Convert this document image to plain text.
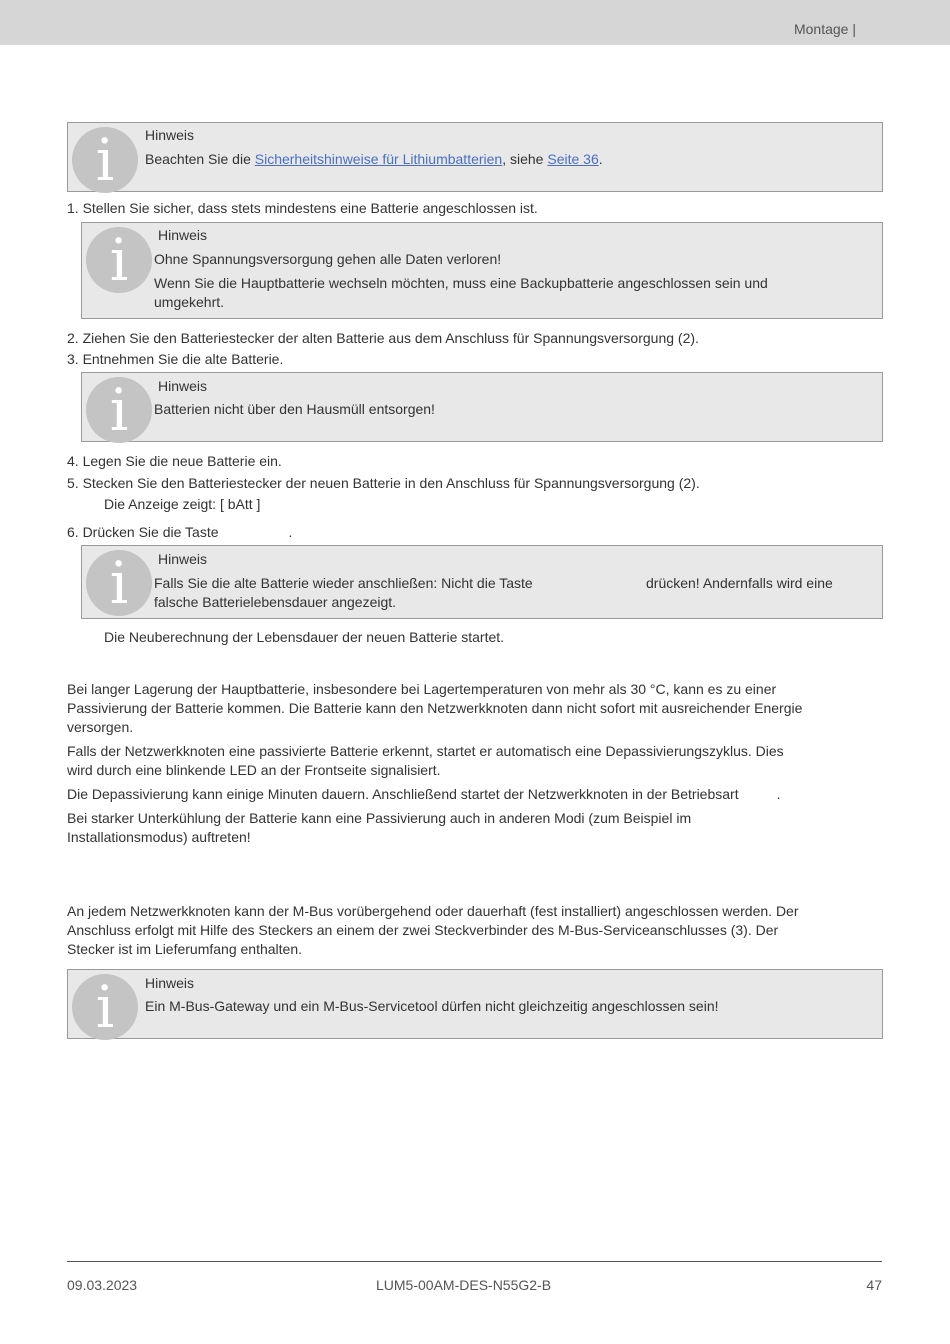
Montage |
i	Hinweis
Beachten Sie die Sicherheitshinweise für Lithiumbatterien, siehe Seite 36.
1. Stellen Sie sicher, dass stets mindestens eine Batterie angeschlossen ist.
i	Hinweis
Ohne Spannungsversorgung gehen alle Daten verloren!
Wenn Sie die Hauptbatterie wechseln möchten, muss eine Backupbatterie angeschlossen sein und
umgekehrt.
2. Ziehen Sie den Batteriestecker der alten Batterie aus dem Anschluss für Spannungsversorgung (2).
3. Entnehmen Sie die alte Batterie.
i	Hinweis
Batterien nicht über den Hausmüll entsorgen!
4. Legen Sie die neue Batterie ein.
5. Stecken Sie den Batteriestecker der neuen Batterie in den Anschluss für Spannungsversorgung (2).
Die Anzeige zeigt: [ bAtt ]
6. Drücken Sie die Taste	.
i	Hinweis
Falls Sie die alte Batterie wieder anschließen: Nicht die Taste	drücken! Andernfalls wird eine
falsche Batterielebensdauer angezeigt.
Die Neuberechnung der Lebensdauer der neuen Batterie startet.
Bei langer Lagerung der Hauptbatterie, insbesondere bei Lagertemperaturen von mehr als 30 °C, kann es zu einer
Passivierung der Batterie kommen. Die Batterie kann den Netzwerkknoten dann nicht sofort mit ausreichender Energie
versorgen.
Falls der Netzwerkknoten eine passivierte Batterie erkennt, startet er automatisch eine Depassivierungszyklus. Dies
wird durch eine blinkende LED an der Frontseite signalisiert.
Die Depassivierung kann einige Minuten dauern. Anschließend startet der Netzwerkknoten in der Betriebsart	.
Bei starker Unterkühlung der Batterie kann eine Passivierung auch in anderen Modi (zum Beispiel im
Installationsmodus) auftreten!
An jedem Netzwerkknoten kann der M-Bus vorübergehend oder dauerhaft (fest installiert) angeschlossen werden. Der
Anschluss erfolgt mit Hilfe des Steckers an einem der zwei Steckverbinder des M-Bus-Serviceanschlusses (3). Der
Stecker ist im Lieferumfang enthalten.
i	Hinweis
Ein M-Bus-Gateway und ein M-Bus-Servicetool dürfen nicht gleichzeitig angeschlossen sein!
09.03.2023	LUM5-00AM-DES-N55G2-B	47
